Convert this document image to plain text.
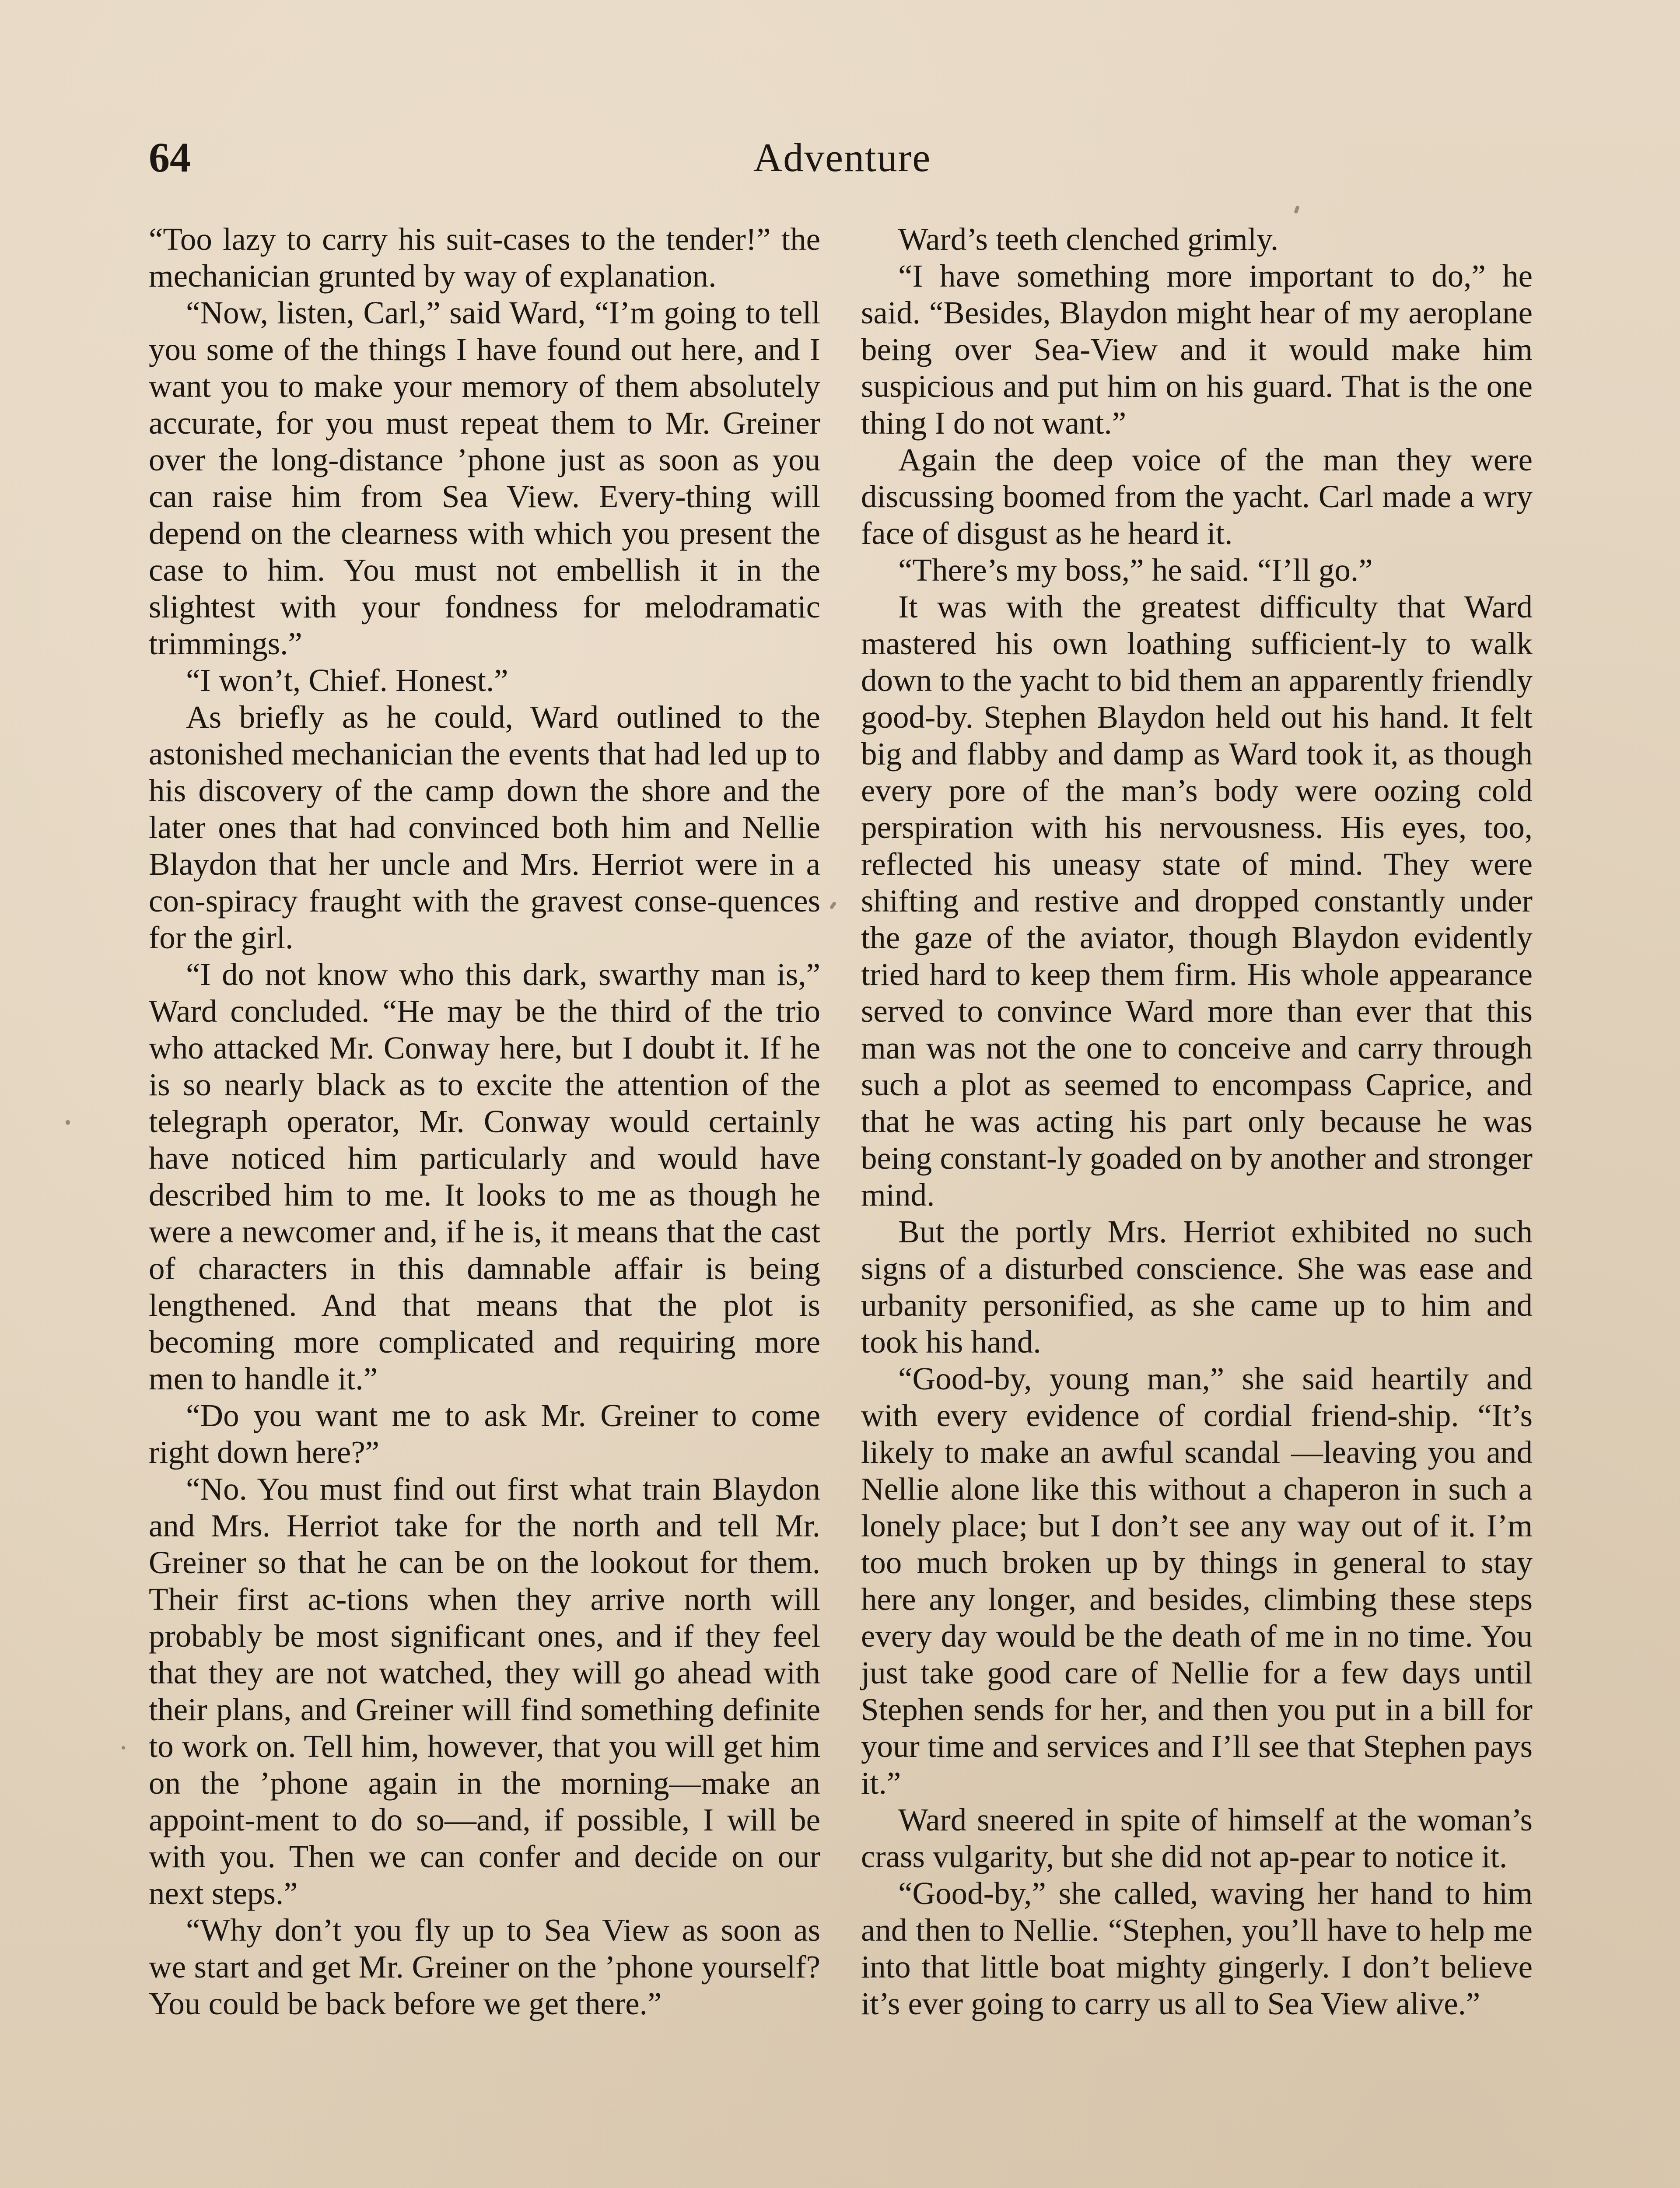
64	Adventure

“Too lazy to carry his suit-cases to the tender!” the mechanician grunted by way of explanation.

“Now, listen, Carl,” said Ward, “I’m going to tell you some of the things I have found out here, and I want you to make your memory of them absolutely accurate, for you must repeat them to Mr. Greiner over the long-distance ’phone just as soon as you can raise him from Sea View. Every-thing will depend on the clearness with which you present the case to him. You must not embellish it in the slightest with your fondness for melodramatic trimmings.”

“I won’t, Chief. Honest.”

As briefly as he could, Ward outlined to the astonished mechanician the events that had led up to his discovery of the camp down the shore and the later ones that had convinced both him and Nellie Blaydon that her uncle and Mrs. Herriot were in a con-spiracy fraught with the gravest conse-quences for the girl.

“I do not know who this dark, swarthy man is,” Ward concluded. “He may be the third of the trio who attacked Mr. Conway here, but I doubt it. If he is so nearly black as to excite the attention of the telegraph operator, Mr. Conway would certainly have noticed him particularly and would have described him to me. It looks to me as though he were a newcomer and, if he is, it means that the cast of characters in this damnable affair is being lengthened. And that means that the plot is becoming more complicated and requiring more men to handle it.”

“Do you want me to ask Mr. Greiner to come right down here?”

“No. You must find out first what train Blaydon and Mrs. Herriot take for the north and tell Mr. Greiner so that he can be on the lookout for them. Their first ac-tions when they arrive north will probably be most significant ones, and if they feel that they are not watched, they will go ahead with their plans, and Greiner will find something definite to work on. Tell him, however, that you will get him on the ’phone again in the morning—make an appoint-ment to do so—and, if possible, I will be with you. Then we can confer and decide on our next steps.”

“Why don’t you fly up to Sea View as soon as we start and get Mr. Greiner on the ’phone yourself? You could be back before we get there.”

Ward’s teeth clenched grimly.

“I have something more important to do,” he said. “Besides, Blaydon might hear of my aeroplane being over Sea-View and it would make him suspicious and put him on his guard. That is the one thing I do not want.”

Again the deep voice of the man they were discussing boomed from the yacht. Carl made a wry face of disgust as he heard it.

“There’s my boss,” he said. “I’ll go.”

It was with the greatest difficulty that Ward mastered his own loathing sufficient-ly to walk down to the yacht to bid them an apparently friendly good-by. Stephen Blaydon held out his hand. It felt big and flabby and damp as Ward took it, as though every pore of the man’s body were oozing cold perspiration with his nervousness. His eyes, too, reflected his uneasy state of mind. They were shifting and restive and dropped constantly under the gaze of the aviator, though Blaydon evidently tried hard to keep them firm. His whole appearance served to convince Ward more than ever that this man was not the one to conceive and carry through such a plot as seemed to encompass Caprice, and that he was acting his part only because he was being constant-ly goaded on by another and stronger mind.

But the portly Mrs. Herriot exhibited no such signs of a disturbed conscience. She was ease and urbanity personified, as she came up to him and took his hand.

“Good-by, young man,” she said heartily and with every evidence of cordial friend-ship. “It’s likely to make an awful scandal —leaving you and Nellie alone like this without a chaperon in such a lonely place; but I don’t see any way out of it. I’m too much broken up by things in general to stay here any longer, and besides, climbing these steps every day would be the death of me in no time. You just take good care of Nellie for a few days until Stephen sends for her, and then you put in a bill for your time and services and I’ll see that Stephen pays it.”

Ward sneered in spite of himself at the woman’s crass vulgarity, but she did not ap-pear to notice it.

“Good-by,” she called, waving her hand to him and then to Nellie. “Stephen, you’ll have to help me into that little boat mighty gingerly. I don’t believe it’s ever going to carry us all to Sea View alive.”
